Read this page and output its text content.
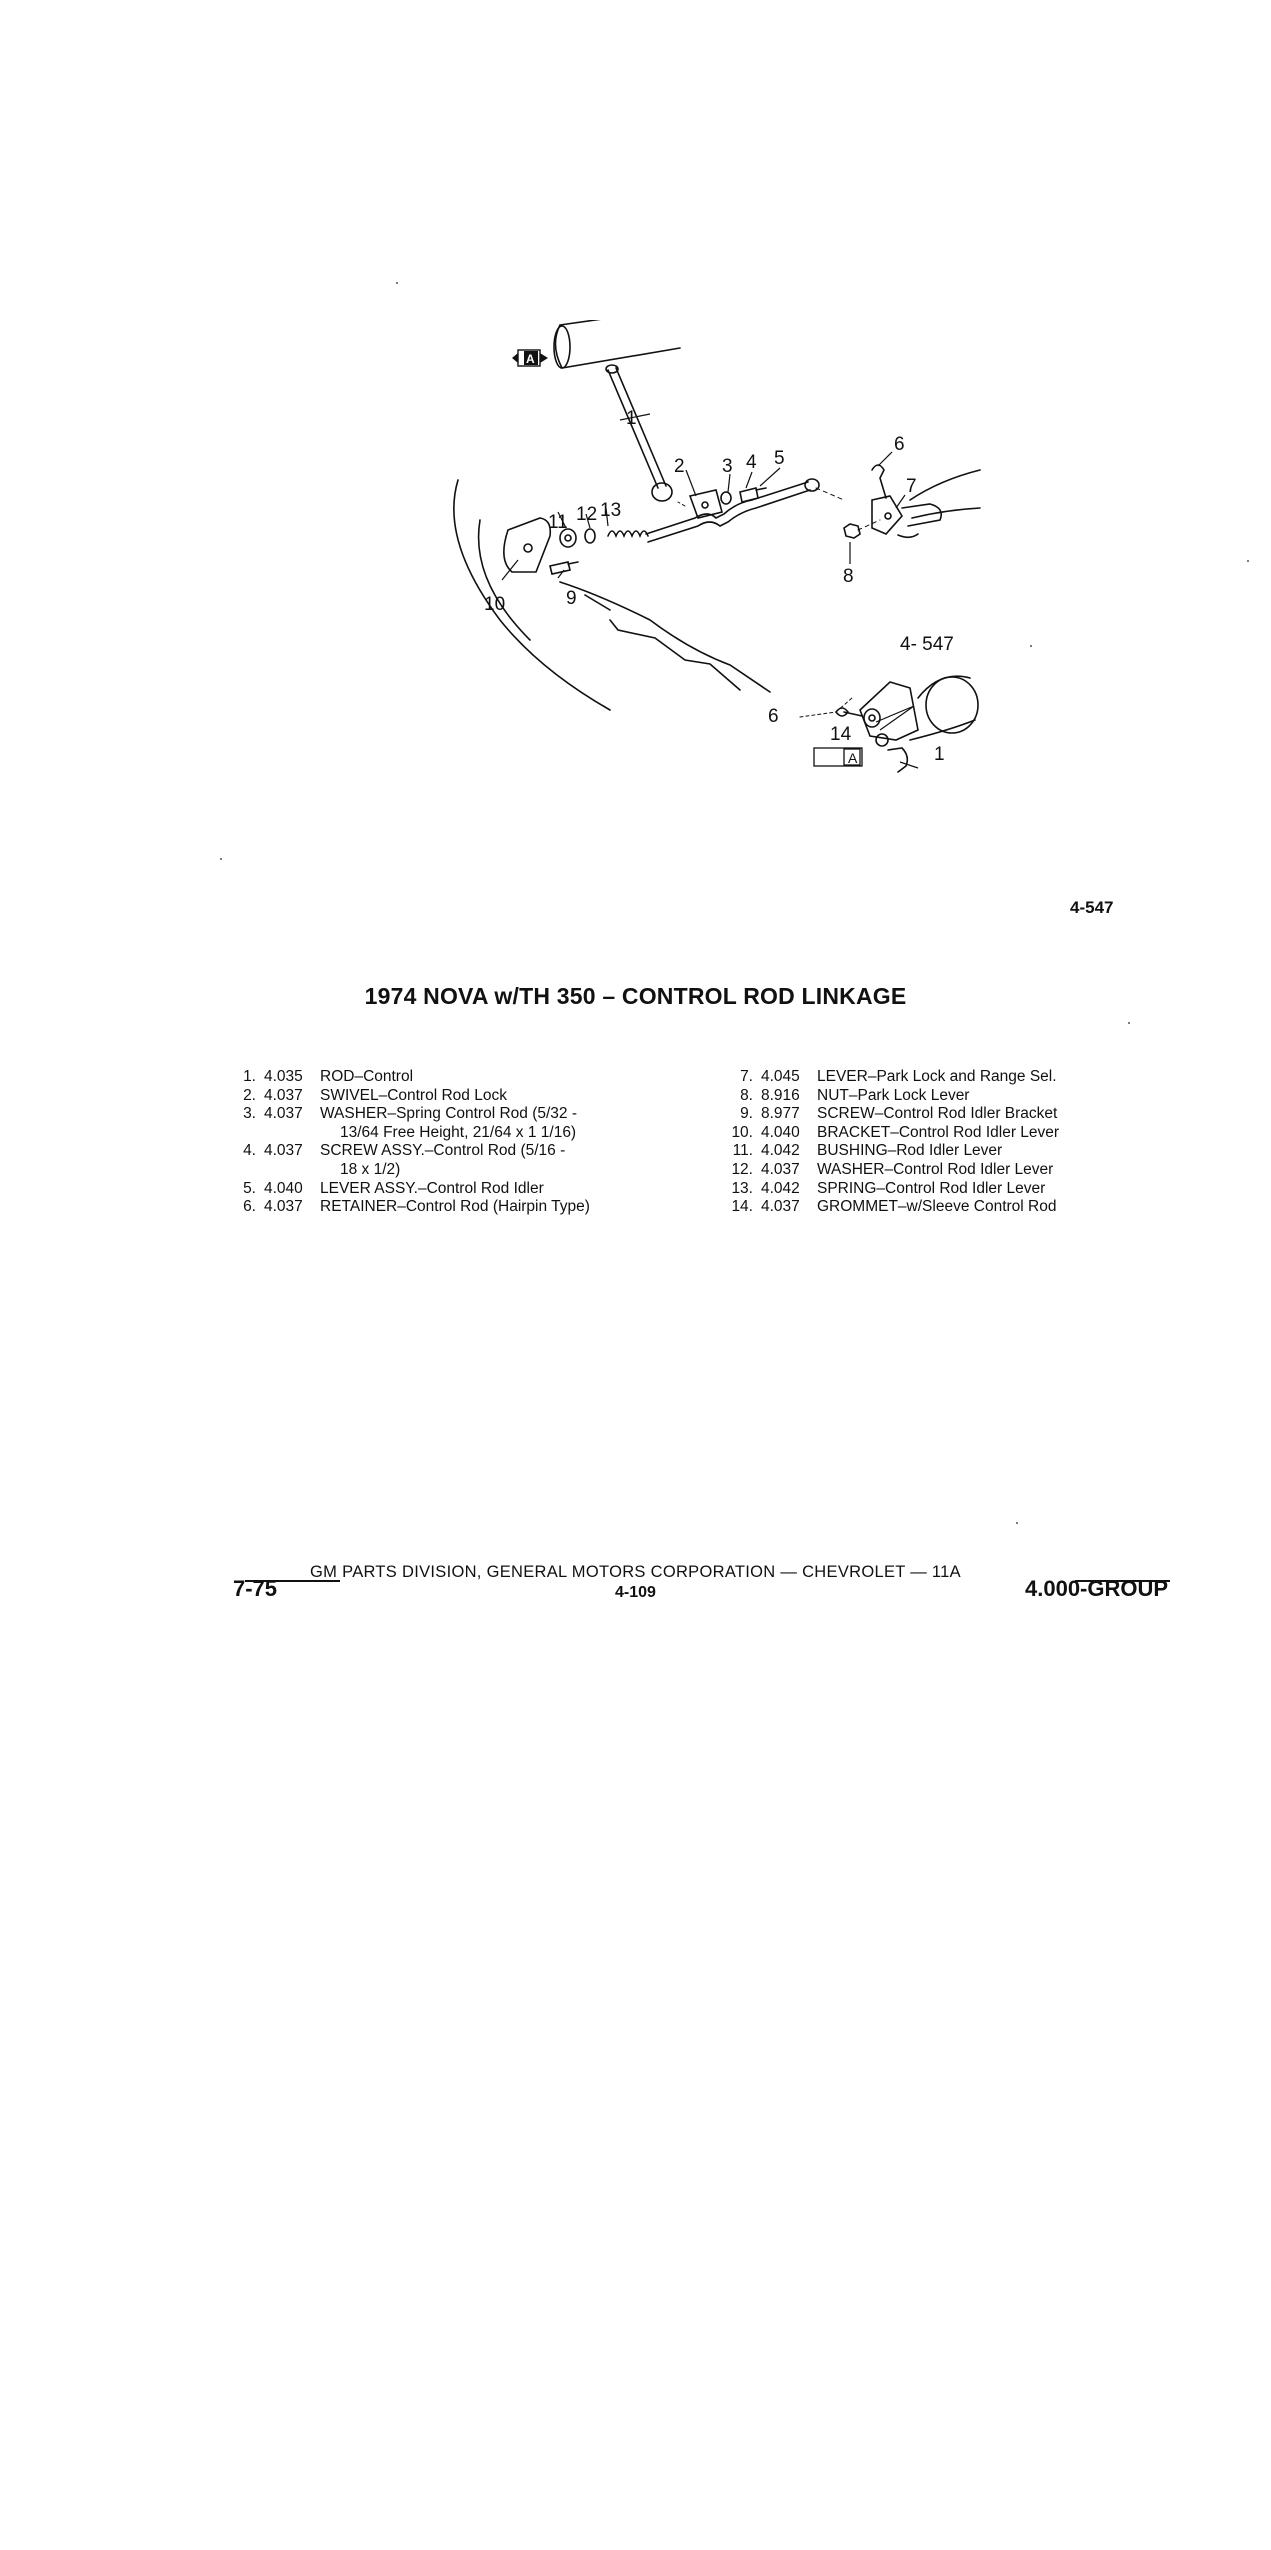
1
2 3 4 5
6
7
8
9
10
11 12 13
14
6
1
4- 547
A
A
4-547
1974 NOVA w/TH 350 – CONTROL ROD LINKAGE
1. 4.035	ROD–Control
2. 4.037	SWIVEL–Control Rod Lock
3. 4.037	WASHER–Spring Control Rod (5/32 -
13/64 Free Height, 21/64 x 1 1/16)
4. 4.037	SCREW ASSY.–Control Rod (5/16 -
18 x 1/2)
5. 4.040	LEVER ASSY.–Control Rod Idler
6. 4.037	RETAINER–Control Rod (Hairpin Type)
7. 4.045	LEVER–Park Lock and Range Sel.
8. 8.916	NUT–Park Lock Lever
9. 8.977	SCREW–Control Rod Idler Bracket
10. 4.040	BRACKET–Control Rod Idler Lever
11. 4.042	BUSHING–Rod Idler Lever
12. 4.037	WASHER–Control Rod Idler Lever
13. 4.042	SPRING–Control Rod Idler Lever
14. 4.037	GROMMET–w/Sleeve Control Rod
GM PARTS DIVISION, GENERAL MOTORS CORPORATION — CHEVROLET — 11A
4-109
7-75	4.000-GROUP
